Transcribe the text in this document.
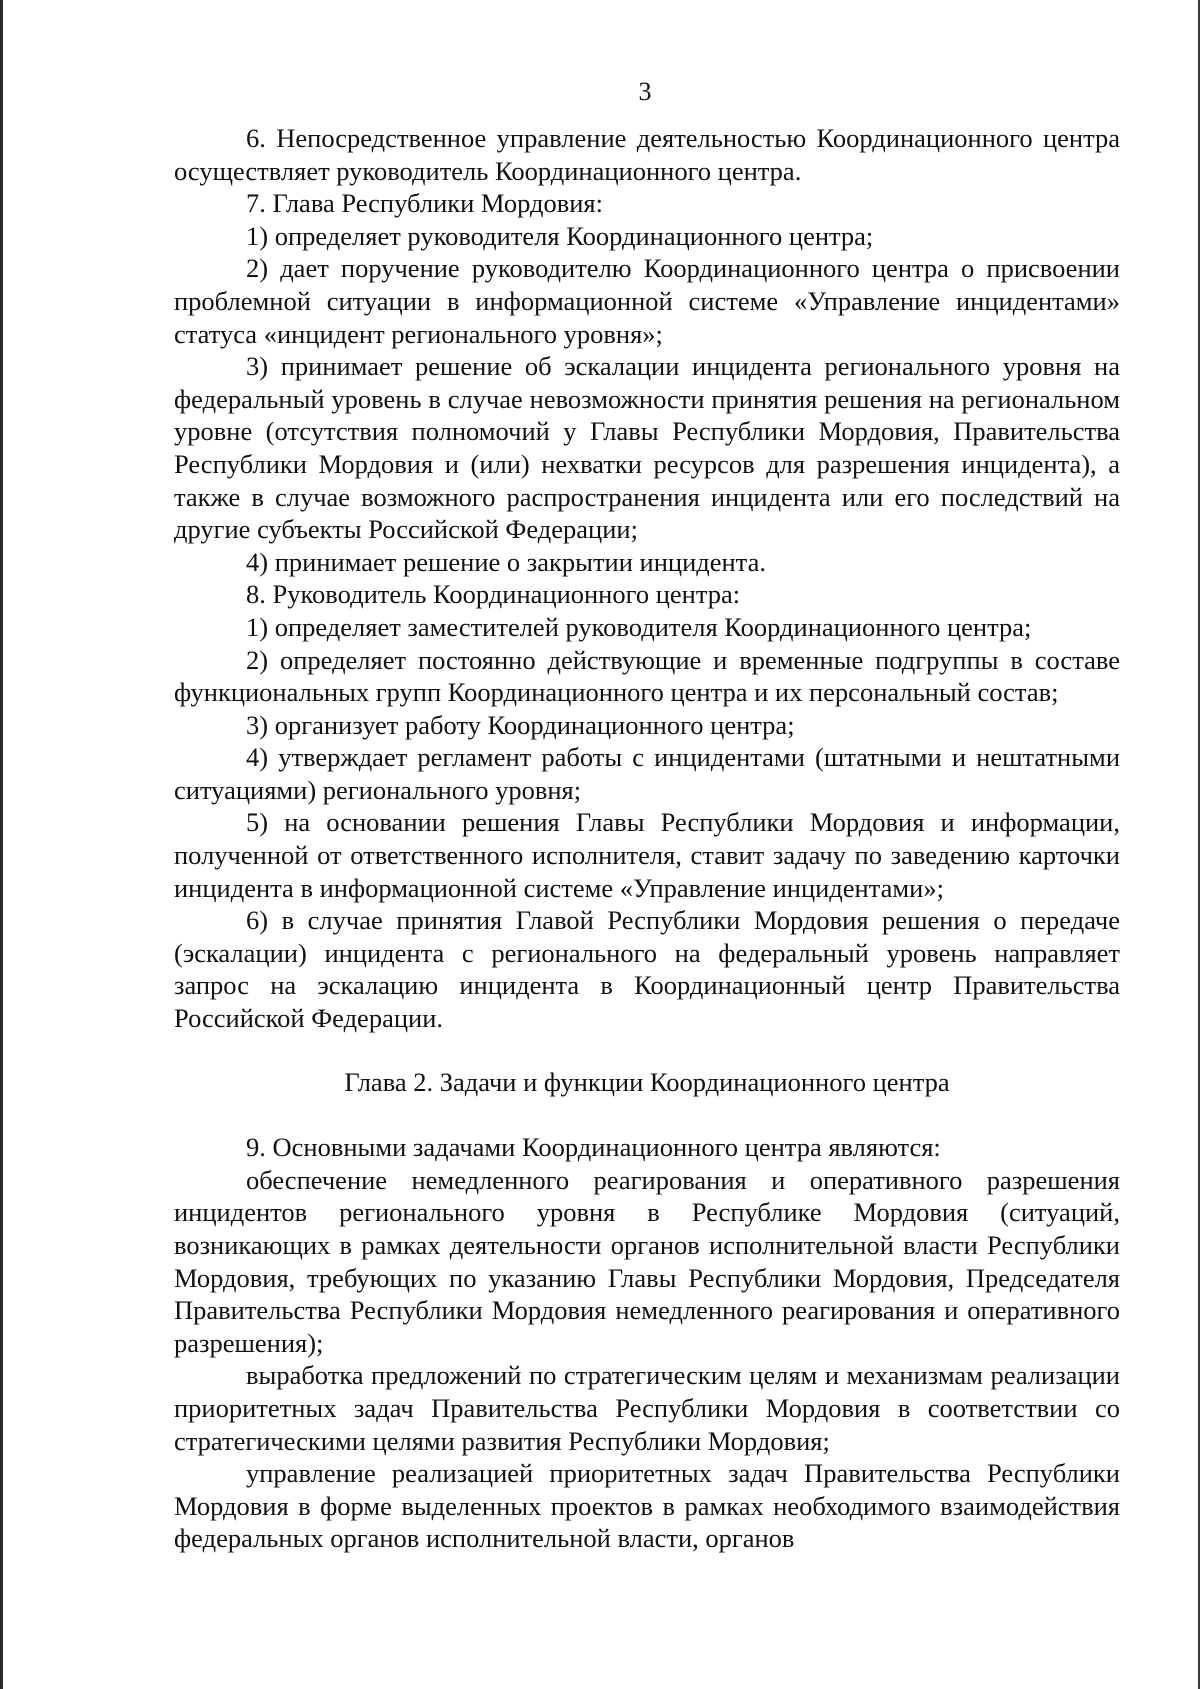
3

6. Непосредственное управление деятельностью Координационного центра осуществляет руководитель Координационного центра.

7. Глава Республики Мордовия:

1) определяет руководителя Координационного центра;

2) дает поручение руководителю Координационного центра о присвоении проблемной ситуации в информационной системе «Управление инцидентами» статуса «инцидент регионального уровня»;

3) принимает решение об эскалации инцидента регионального уровня на федеральный уровень в случае невозможности принятия решения на региональном уровне (отсутствия полномочий у Главы Республики Мордовия, Правительства Республики Мордовия и (или) нехватки ресурсов для разрешения инцидента), а также в случае возможного распространения инцидента или его последствий на другие субъекты Российской Федерации;

4) принимает решение о закрытии инцидента.

8. Руководитель Координационного центра:

1) определяет заместителей руководителя Координационного центра;

2) определяет постоянно действующие и временные подгруппы в составе функциональных групп Координационного центра и их персональный состав;

3) организует работу Координационного центра;

4) утверждает регламент работы с инцидентами (штатными и нештатными ситуациями) регионального уровня;

5) на основании решения Главы Республики Мордовия и информации, полученной от ответственного исполнителя, ставит задачу по заведению карточки инцидента в информационной системе «Управление инцидентами»;

6) в случае принятия Главой Республики Мордовия решения о передаче (эскалации) инцидента с регионального на федеральный уровень направляет запрос на эскалацию инцидента в Координационный центр Правительства Российской Федерации.

Глава 2. Задачи и функции Координационного центра

9. Основными задачами Координационного центра являются:

обеспечение немедленного реагирования и оперативного разрешения инцидентов регионального уровня в Республике Мордовия (ситуаций, возникающих в рамках деятельности органов исполнительной власти Республики Мордовия, требующих по указанию Главы Республики Мордовия, Председателя Правительства Республики Мордовия немедленного реагирования и оперативного разрешения);

выработка предложений по стратегическим целям и механизмам реализации приоритетных задач Правительства Республики Мордовия в соответствии со стратегическими целями развития Республики Мордовия;

управление реализацией приоритетных задач Правительства Республики Мордовия в форме выделенных проектов в рамках необходимого взаимодействия федеральных органов исполнительной власти, органов
